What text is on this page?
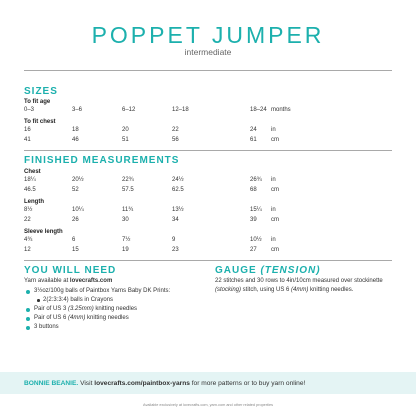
POPPET JUMPER
intermediate
SIZES
To fit age
0–3	3–6	6–12	12–18	18–24 months
To fit chest
16	18	20	22	24 in
41	46	51	56	61 cm
FINISHED MEASUREMENTS
Chest
18¼	20½	22¾	24½	26¾ in
46.5	52	57.5	62.5	68 cm
Length
8½	10¼	11¾	13½	15¼ in
22	26	30	34	39 cm
Sleeve length
4¾	6	7½	9	10½ in
12	15	19	23	27 cm
YOU WILL NEED
Yarn available at lovecrafts.com
3½oz/100g balls of Paintbox Yarns Baby DK Prints:
2(2:3:3:4) balls in Crayons
Pair of US 3 (3.25mm) knitting needles
Pair of US 6 (4mm) knitting needles
3 buttons
GAUGE (TENSION)
22 stitches and 30 rows to 4in/10cm measured over stockinette (stocking) stitch, using US 6 (4mm) knitting needles.
BONNIE BEANIE. Visit lovecrafts.com/paintbox-yarns for more patterns or to buy yarn online!
Available exclusively at lovecrafts.com, yarn.com and other related properties
